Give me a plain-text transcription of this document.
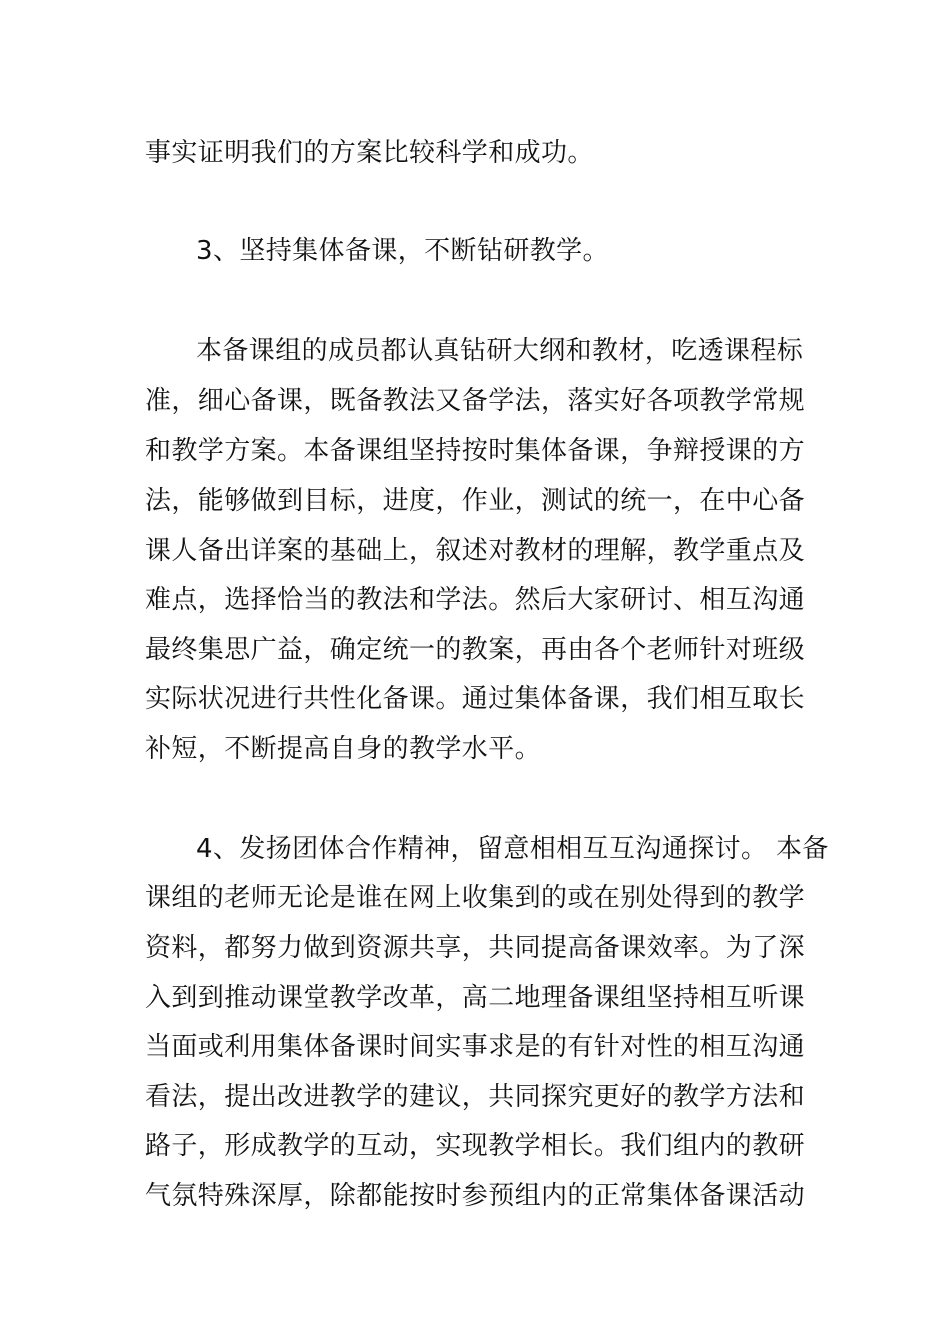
事实证明我们的方案比较科学和成功。
3、坚持集体备课，不断钻研教学。
本备课组的成员都认真钻研大纲和教材，吃透课程标
准，细心备课，既备教法又备学法，落实好各项教学常规
和教学方案。本备课组坚持按时集体备课，争辩授课的方
法，能够做到目标，进度，作业，测试的统一，在中心备
课人备出详案的基础上，叙述对教材的理解，教学重点及
难点，选择恰当的教法和学法。然后大家研讨、相互沟通
最终集思广益，确定统一的教案，再由各个老师针对班级
实际状况进行共性化备课。通过集体备课，我们相互取长
补短，不断提高自身的教学水平。
4、发扬团体合作精神，留意相相互互沟通探讨。 本备
课组的老师无论是谁在网上收集到的或在别处得到的教学
资料，都努力做到资源共享，共同提高备课效率。为了深
入到到推动课堂教学改革，高二地理备课组坚持相互听课
当面或利用集体备课时间实事求是的有针对性的相互沟通
看法，提出改进教学的建议，共同探究更好的教学方法和
路子，形成教学的互动，实现教学相长。我们组内的教研
气氛特殊深厚，除都能按时参预组内的正常集体备课活动
